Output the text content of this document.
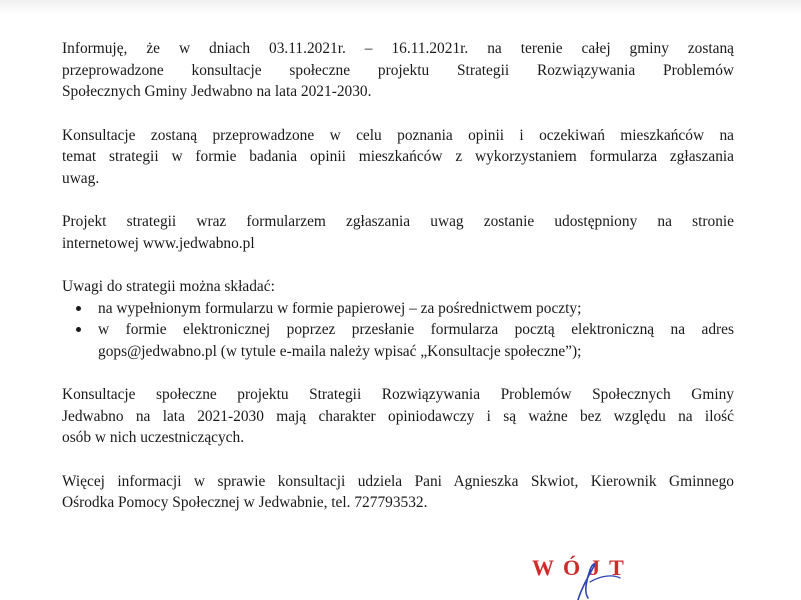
Informuję, że w dniach 03.11.2021r. – 16.11.2021r. na terenie całej gminy zostaną
przeprowadzone konsultacje społeczne projektu Strategii Rozwiązywania Problemów
Społecznych Gminy Jedwabno na lata 2021-2030.

Konsultacje zostaną przeprowadzone w celu poznania opinii i oczekiwań mieszkańców na
temat strategii w formie badania opinii mieszkańców z wykorzystaniem formularza zgłaszania
uwag.

Projekt strategii wraz formularzem zgłaszania uwag zostanie udostępniony na stronie
internetowej www.jedwabno.pl

Uwagi do strategii można składać:

na wypełnionym formularzu w formie papierowej – za pośrednictwem poczty;
w formie elektronicznej poprzez przesłanie formularza pocztą elektroniczną na adres
gops@jedwabno.pl (w tytule e-maila należy wpisać „Konsultacje społeczne”);

Konsultacje społeczne projektu Strategii Rozwiązywania Problemów Społecznych Gminy
Jedwabno na lata 2021-2030 mają charakter opiniodawczy i są ważne bez względu na ilość
osób w nich uczestniczących.

Więcej informacji w sprawie konsultacji udziela Pani Agnieszka Skwiot, Kierownik Gminnego
Ośrodka Pomocy Społecznej w Jedwabnie, tel. 727793532.

WÓJT
